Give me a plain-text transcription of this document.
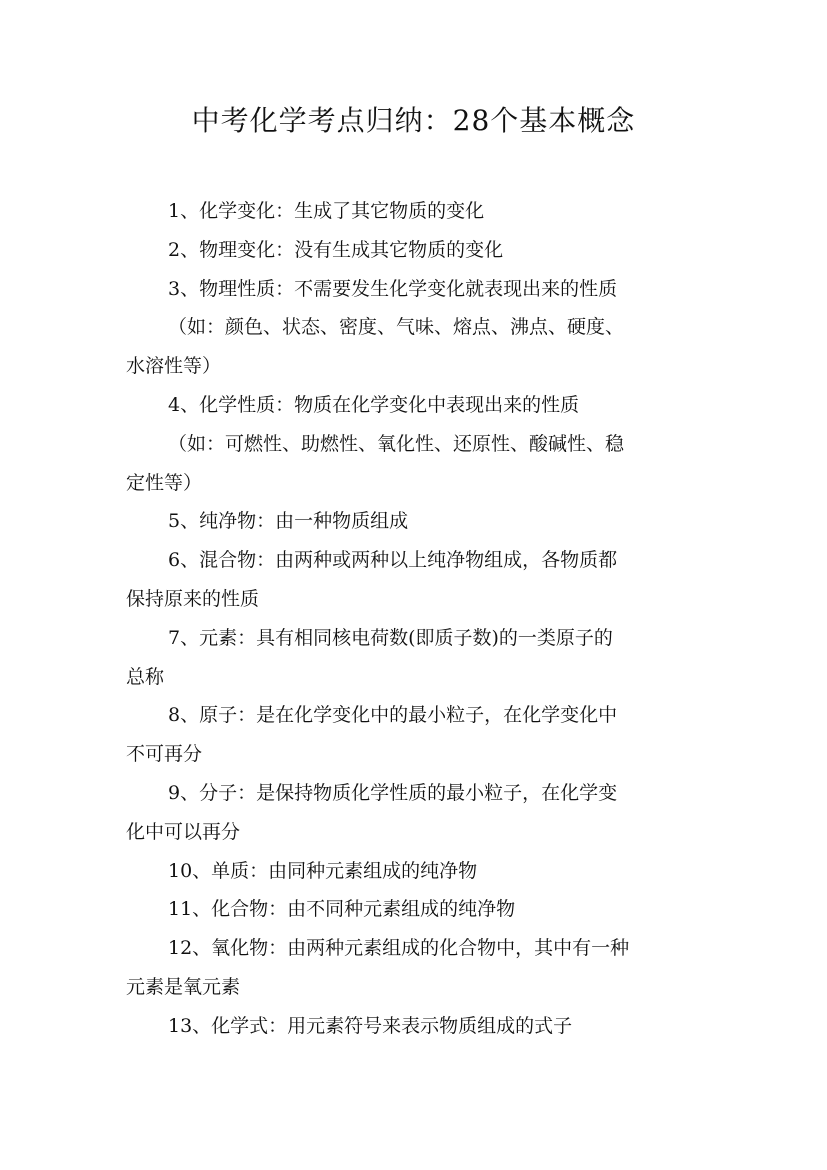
中考化学考点归纳：28个基本概念
1、化学变化：生成了其它物质的变化
2、物理变化：没有生成其它物质的变化
3、物理性质：不需要发生化学变化就表现出来的性质
（如：颜色、状态、密度、气味、熔点、沸点、硬度、
水溶性等）
4、化学性质：物质在化学变化中表现出来的性质
（如：可燃性、助燃性、氧化性、还原性、酸碱性、稳
定性等）
5、纯净物：由一种物质组成
6、混合物：由两种或两种以上纯净物组成，各物质都
保持原来的性质
7、元素：具有相同核电荷数(即质子数)的一类原子的
总称
8、原子：是在化学变化中的最小粒子，在化学变化中
不可再分
9、分子：是保持物质化学性质的最小粒子，在化学变
化中可以再分
10、单质：由同种元素组成的纯净物
11、化合物：由不同种元素组成的纯净物
12、氧化物：由两种元素组成的化合物中，其中有一种
元素是氧元素
13、化学式：用元素符号来表示物质组成的式子
